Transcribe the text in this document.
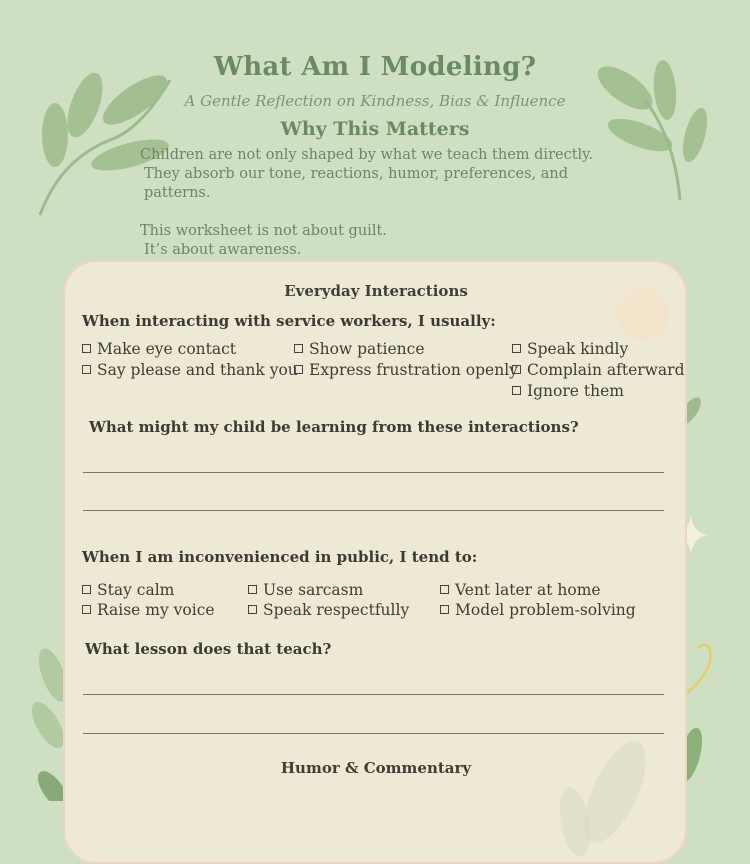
What Am I Modeling?
A Gentle Reflection on Kindness, Bias & Influence
Why This Matters

Children are not only shaped by what we teach them directly.
They absorb our tone, reactions, humor, preferences, and patterns.

This worksheet is not about guilt.
It’s about awareness.

Everyday Interactions
When interacting with service workers, I usually:
Make eye contact
Say please and thank you
Show patience
Express frustration openly
Speak kindly
Complain afterward
Ignore them
What might my child be learning from these interactions?
When I am inconvenienced in public, I tend to:
Stay calm
Raise my voice
Use sarcasm
Speak respectfully
Vent later at home
Model problem-solving
What lesson does that teach?
Humor & Commentary
